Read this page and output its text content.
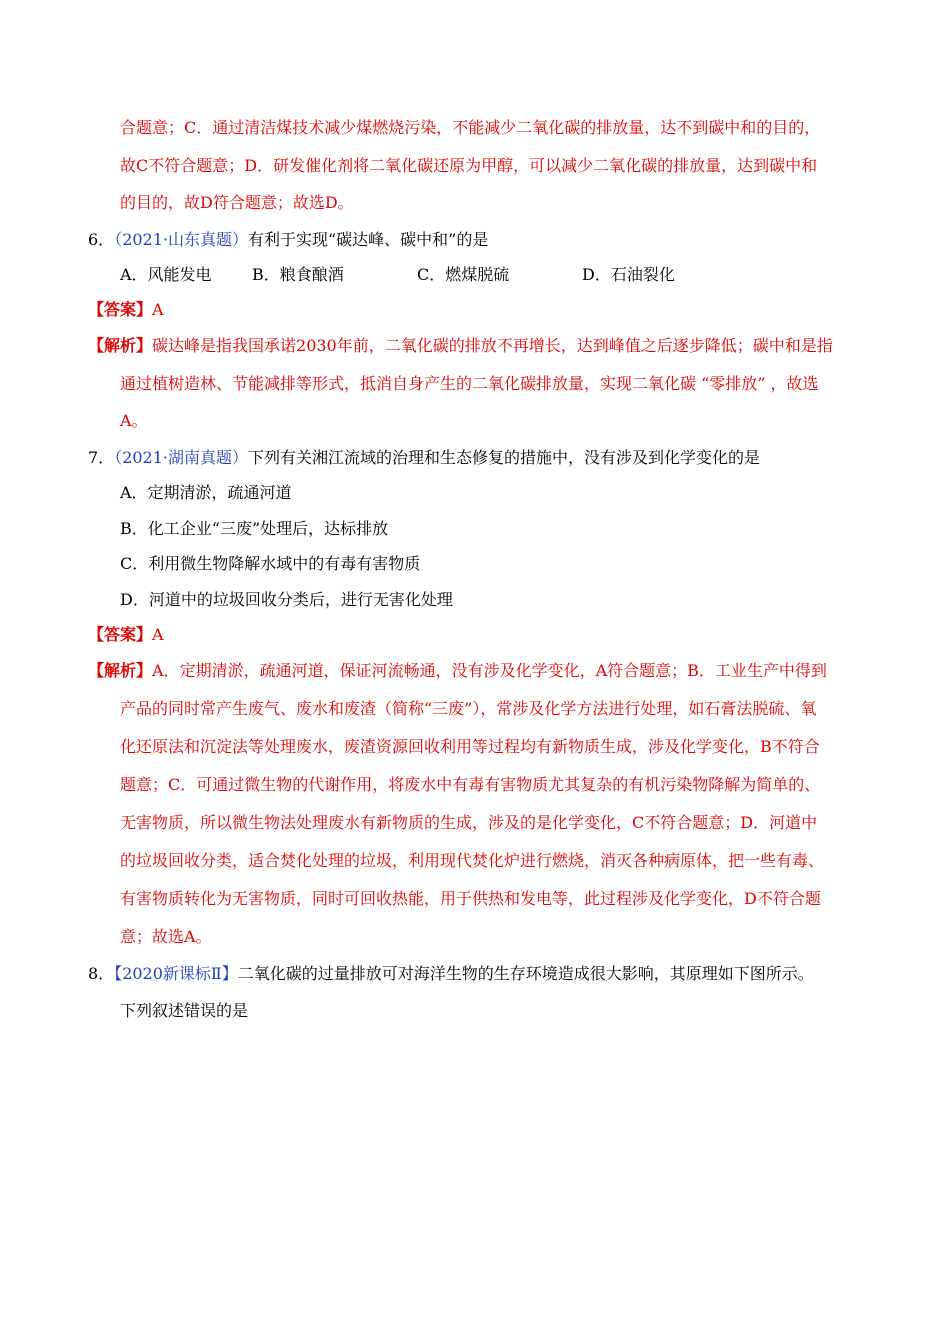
合题意；C．通过清洁煤技术减少煤燃烧污染，不能减少二氧化碳的排放量，达不到碳中和的目的，
故C不符合题意；D．研发催化剂将二氧化碳还原为甲醇，可以减少二氧化碳的排放量，达到碳中和
的目的，故D符合题意；故选D。
6．（2021·山东真题）有利于实现“碳达峰、碳中和”的是
A．风能发电	B．粮食酿酒	C．燃煤脱硫	D．石油裂化
【答案】A
【解析】碳达峰是指我国承诺2030年前，二氧化碳的排放不再增长，达到峰值之后逐步降低；碳中和是指
通过植树造林、节能减排等形式，抵消自身产生的二氧化碳排放量，实现二氧化碳 “零排放” ，故选
A。
7．（2021·湖南真题）下列有关湘江流域的治理和生态修复的措施中，没有涉及到化学变化的是
A．定期清淤，疏通河道
B．化工企业“三废”处理后，达标排放
C．利用微生物降解水域中的有毒有害物质
D．河道中的垃圾回收分类后，进行无害化处理
【答案】A
【解析】A．定期清淤，疏通河道，保证河流畅通，没有涉及化学变化，A符合题意；B．工业生产中得到
产品的同时常产生废气、废水和废渣（简称“三废”），常涉及化学方法进行处理，如石膏法脱硫、氧
化还原法和沉淀法等处理废水，废渣资源回收利用等过程均有新物质生成，涉及化学变化，B不符合
题意；C．可通过微生物的代谢作用，将废水中有毒有害物质尤其复杂的有机污染物降解为简单的、
无害物质，所以微生物法处理废水有新物质的生成，涉及的是化学变化，C不符合题意；D．河道中
的垃圾回收分类，适合焚化处理的垃圾，利用现代焚化炉进行燃烧，消灭各种病原体，把一些有毒、
有害物质转化为无害物质，同时可回收热能，用于供热和发电等，此过程涉及化学变化，D不符合题
意；故选A。
8．【2020新课标Ⅱ】二氧化碳的过量排放可对海洋生物的生存环境造成很大影响，其原理如下图所示。
下列叙述错误的是
